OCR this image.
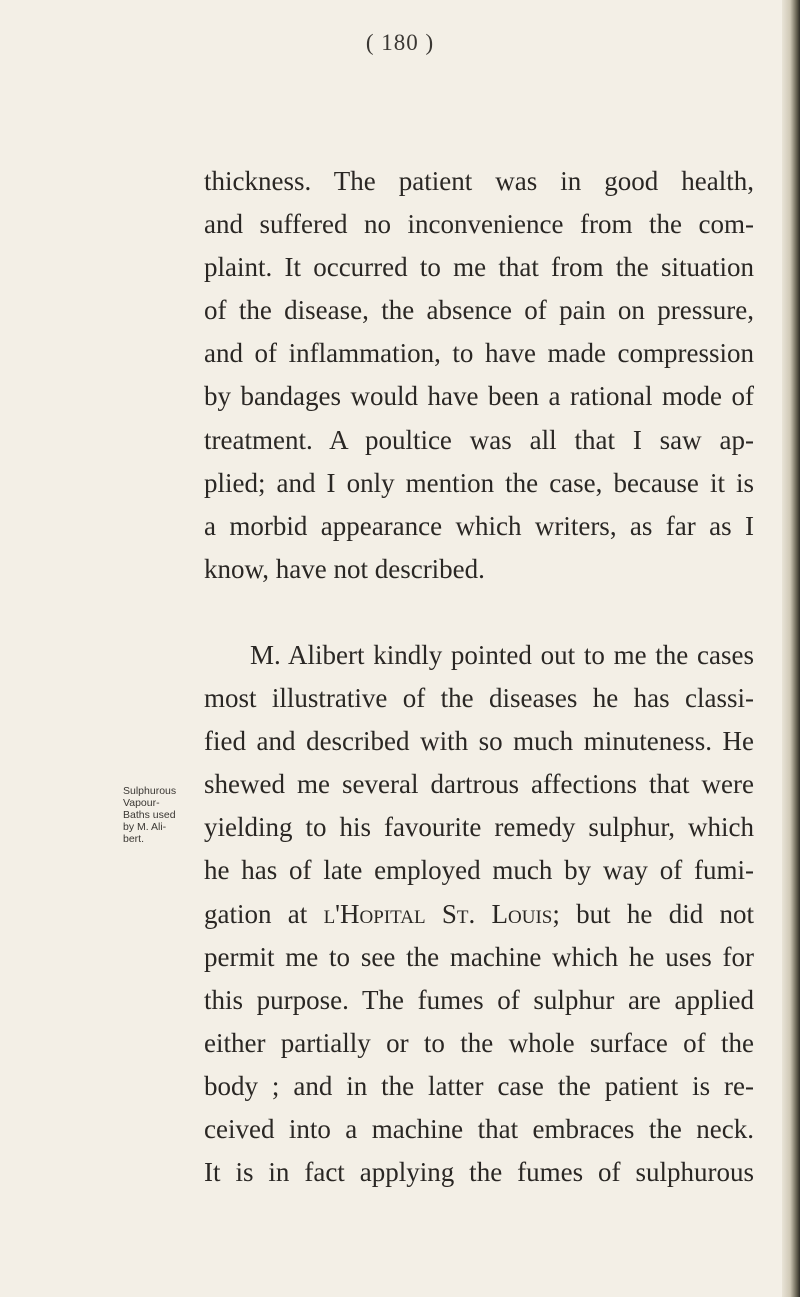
( 180 )
Sulphurous
Vapour-
Baths used
by M. Ali-
bert.
thickness. The patient was in good health,
and suffered no inconvenience from the com-
plaint. It occurred to me that from the situation
of the disease, the absence of pain on pressure,
and of inflammation, to have made compression
by bandages would have been a rational mode of
treatment. A poultice was all that I saw ap-
plied; and I only mention the case, because it is
a morbid appearance which writers, as far as I
know, have not described.
M. Alibert kindly pointed out to me the cases
most illustrative of the diseases he has classi-
fied and described with so much minuteness. He
shewed me several dartrous affections that were
yielding to his favourite remedy sulphur, which
he has of late employed much by way of fumi-
gation at l'Hopital St. Louis; but he did not
permit me to see the machine which he uses for
this purpose. The fumes of sulphur are applied
either partially or to the whole surface of the
body ; and in the latter case the patient is re-
ceived into a machine that embraces the neck.
It is in fact applying the fumes of sulphurous
